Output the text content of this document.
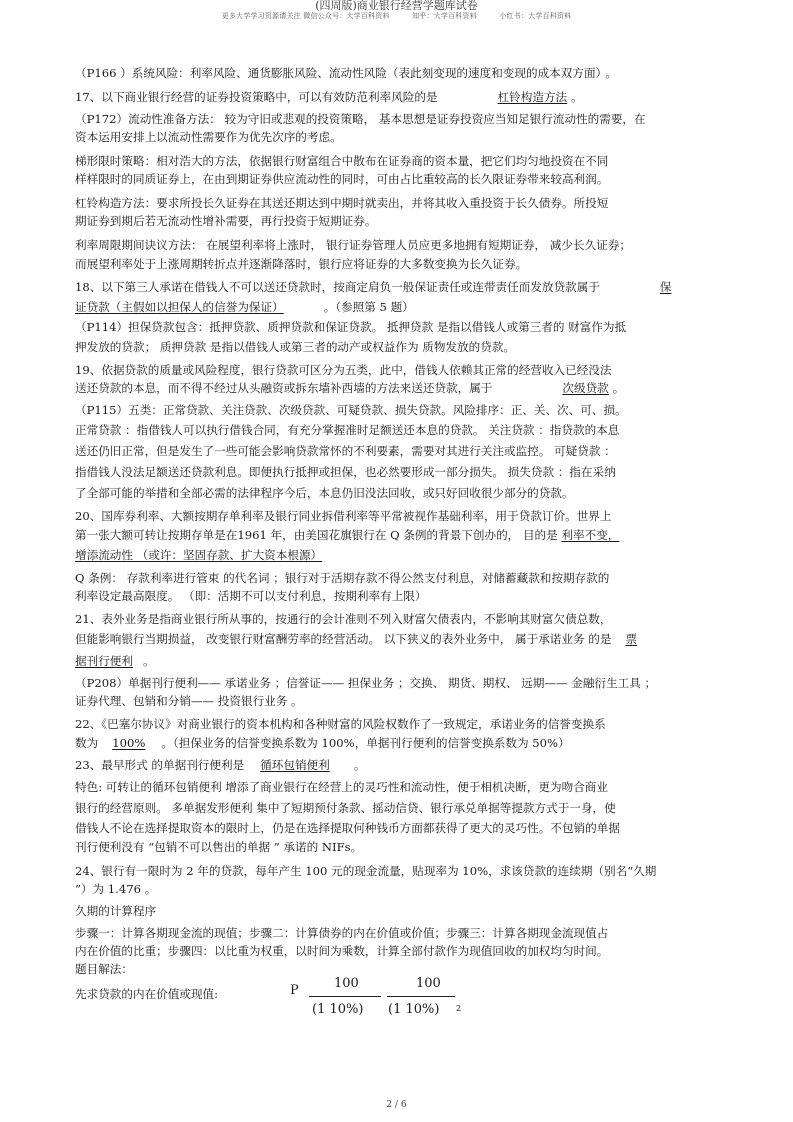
(四周版)商业银行经营学题库试卷
更多大学学习资源请关注 微信公众号：大学百科资料	知乎：大学百科资料	小红书：大学百科资料
（P166 ）系统风险：利率风险、通货膨胀风险、流动性风险（表此刻变现的速度和变现的成本双方面） 。
17、以下商业银行经营的证券投资策略中，可以有效防范利率风险的是	杠铃构造方法 。
（P172）流动性准备方法： 较为守旧或悲观的投资策略， 基本思想是证券投资应当知足银行流动性的需要，在
资本运用安排上以流动性需要作为优先次序的考虑。
梯形限时策略：相对浩大的方法，依据银行财富组合中散布在证券商的资本量，把它们均匀地投资在不同
样样限时的同质证券上，在由到期证券供应流动性的同时，可由占比重较高的长久限证券带来较高利润。
杠铃构造方法：要求所投长久证券在其送还期达到中期时就卖出，并将其收入重投资于长久债券。所投短
期证券到期后若无流动性增补需要，再行投资于短期证券。
利率周限期间诀议方法： 在展望利率将上涨时， 银行证券管理人员应更多地拥有短期证券， 减少长久证券；
而展望利率处于上涨周期转折点并逐渐降落时，银行应将证券的大多数变换为长久证券。
18、以下第三人承诺在借钱人不可以送还贷款时，按商定肩负一般保证责任或连带责任而发放贷款属于	保
证贷款（主假如以担保人的信誉为保证）	。（参照第 5 题）
（P114）担保贷款包含：抵押贷款、质押贷款和保证贷款。 抵押贷款 是指以借钱人或第三者的 财富作为抵
押发放的贷款； 质押贷款 是指以借钱人或第三者的动产或权益作为 质物发放的贷款。
19、依据贷款的质量或风险程度，银行贷款可区分为五类，此中，借钱人依赖其正常的经营收入已经没法
送还贷款的本息，而不得不经过从头融资或拆东墙补西墙的方法来送还贷款，属于	次级贷款 。
（P115）五类：正常贷款、关注贷款、次级贷款、可疑贷款、损失贷款。风险排序：正、关、次、可、损。
正常贷款 ：指借钱人可以执行借钱合同，有充分掌握准时足额送还本息的贷款。 关注贷款 ：指贷款的本息
送还仍旧正常，但是发生了一些可能会影响贷款常怀的不利要素，需要对其进行关注或监控。 可疑贷款 ：
指借钱人没法足额送还贷款利息。即便执行抵押或担保，也必然要形成一部分损失。 损失贷款 ：指在采纳
了全部可能的举措和全部必需的法律程序今后，本息仍旧没法回收，或只好回收很少部分的贷款。
20、国库券利率、大额按期存单利率及银行同业拆借利率等平常被视作基础利率，用于贷款订价。世界上
第一张大额可转让按期存单是在1961 年，由美国花旗银行在 Q 条例的背景下创办的， 目的是 利率不变，
增添流动性 （或许：坚固存款、扩大资本根源）
Q 条例： 存款利率进行管束 的代名词 ；银行对于活期存款不得公然支付利息，对储蓄藏款和按期存款的
利率设定最高限度。 （即：活期不可以支付利息，按期利率有上限）
21、表外业务是指商业银行所从事的，按通行的会计准则不列入财富欠债表内，不影响其财富欠债总数，
但能影响银行当期损益， 改变银行财富酬劳率的经营活动。 以下狭义的表外业务中， 属于承诺业务 的是 票
据刊行便利 。
（P208）单据刊行便利—— 承诺业务 ；信誉证—— 担保业务 ；交换、 期货、期权、 远期—— 金融衍生工具 ；
证券代理、包销和分销—— 投资银行业务 。
22、《巴塞尔协议》对商业银行的资本机构和各种财富的风险权数作了一致规定，承诺业务的信誉变换系
数为 100% 。（担保业务的信誉变换系数为 100%，单据刊行便利的信誉变换系数为 50%）
23、最早形式 的单据刊行便利是 循环包销便利 。
特色: 可转让的循环包销便利 增添了商业银行在经营上的灵巧性和流动性，便于相机决断，更为吻合商业
银行的经营原则。 多单据发形便利 集中了短期预付条款、摇动信贷、银行承兑单据等提款方式于一身，使
借钱人不论在选择提取资本的限时上，仍是在选择提取何种钱币方面都获得了更大的灵巧性。不包销的单据
刊行便利没有 “包销不可以售出的单据 ” 承诺的 NIFs。
24、银行有一限时为 2 年的贷款，每年产生 100 元的现金流量，贴现率为 10%，求该贷款的连续期（别名“久期
”）为 1.476 。
久期的计算程序
步骤一：计算各期现金流的现值；步骤二：计算债券的内在价值或价值；步骤三：计算各期现金流现值占
内在价值的比重；步骤四：以比重为权重，以时间为乘数，计算全部付款作为现值回收的加权均匀时间。
题目解法：
先求贷款的内在价值或现值:	P	100
(1 10%)
100
(1 10%) 2
2 / 6
